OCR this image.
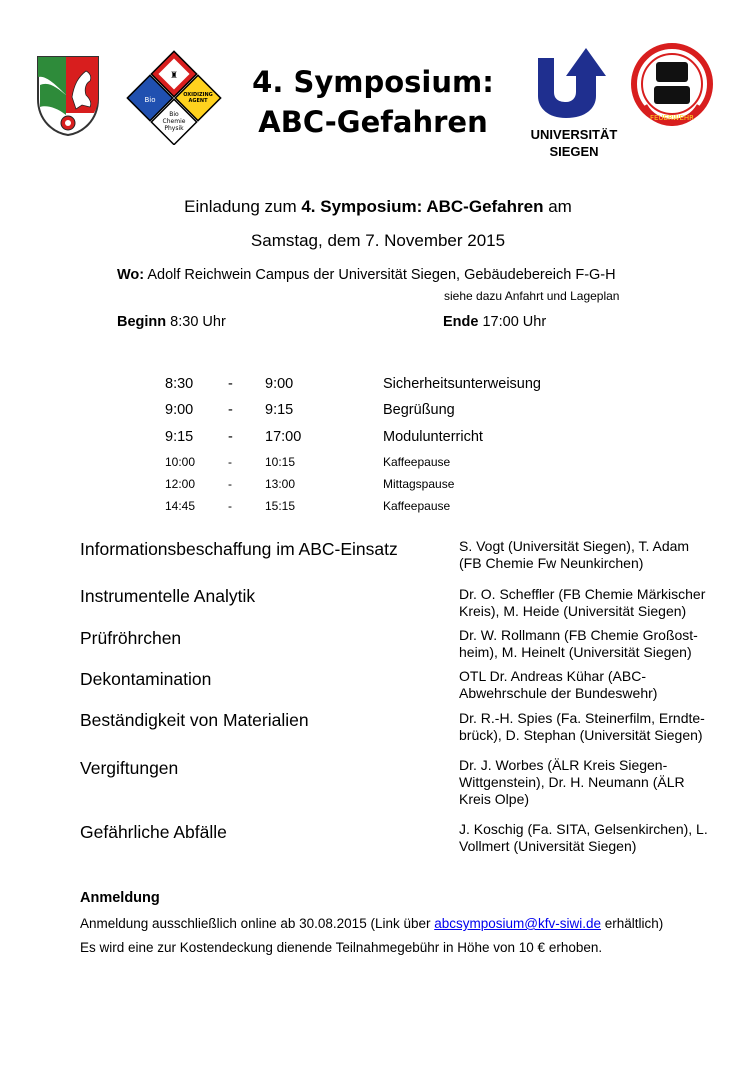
♜
Bio
OXIDIZING
AGENT
Bio
Chemie
Physik
4. Symposium:
ABC-Gefahren	UNIVERSITÄT
SIEGEN
FEUERWEHR
Einladung zum 4. Symposium: ABC-Gefahren am
Samstag, dem 7. November 2015
Wo: Adolf Reichwein Campus der Universität Siegen, Gebäudebereich F-G-H
siehe dazu Anfahrt und Lageplan
Beginn 8:30 Uhr	Ende 17:00 Uhr
8:30 - 9:00	Sicherheitsunterweisung
9:00 - 9:15	Begrüßung
9:15 - 17:00	Modulunterricht
10:00	-	10:15	Kaffeepause
12:00	-	13:00	Mittagspause
14:45	-	15:15	Kaffeepause
Informationsbeschaffung im ABC-Einsatz	S. Vogt (Universität Siegen), T. Adam
(FB Chemie Fw Neunkirchen)
Instrumentelle Analytik	Dr. O. Scheffler (FB Chemie Märkischer
Kreis), M. Heide (Universität Siegen)
Prüfröhrchen	Dr. W. Rollmann (FB Chemie Großost-
heim), M. Heinelt (Universität Siegen)
Dekontamination	OTL Dr. Andreas Kühar (ABC-
Abwehrschule der Bundeswehr)
Beständigkeit von Materialien	Dr. R.-H. Spies (Fa. Steinerfilm, Erndte-
brück), D. Stephan (Universität Siegen)
Vergiftungen	Dr. J. Worbes (ÄLR Kreis Siegen-
Wittgenstein), Dr. H. Neumann (ÄLR
Kreis Olpe)
Gefährliche Abfälle	J. Koschig (Fa. SITA, Gelsenkirchen), L.
Vollmert (Universität Siegen)
Anmeldung
Anmeldung ausschließlich online ab 30.08.2015 (Link über abcsymposium@kfv-siwi.de erhältlich)
Es wird eine zur Kostendeckung dienende Teilnahmegebühr in Höhe von 10 € erhoben.
